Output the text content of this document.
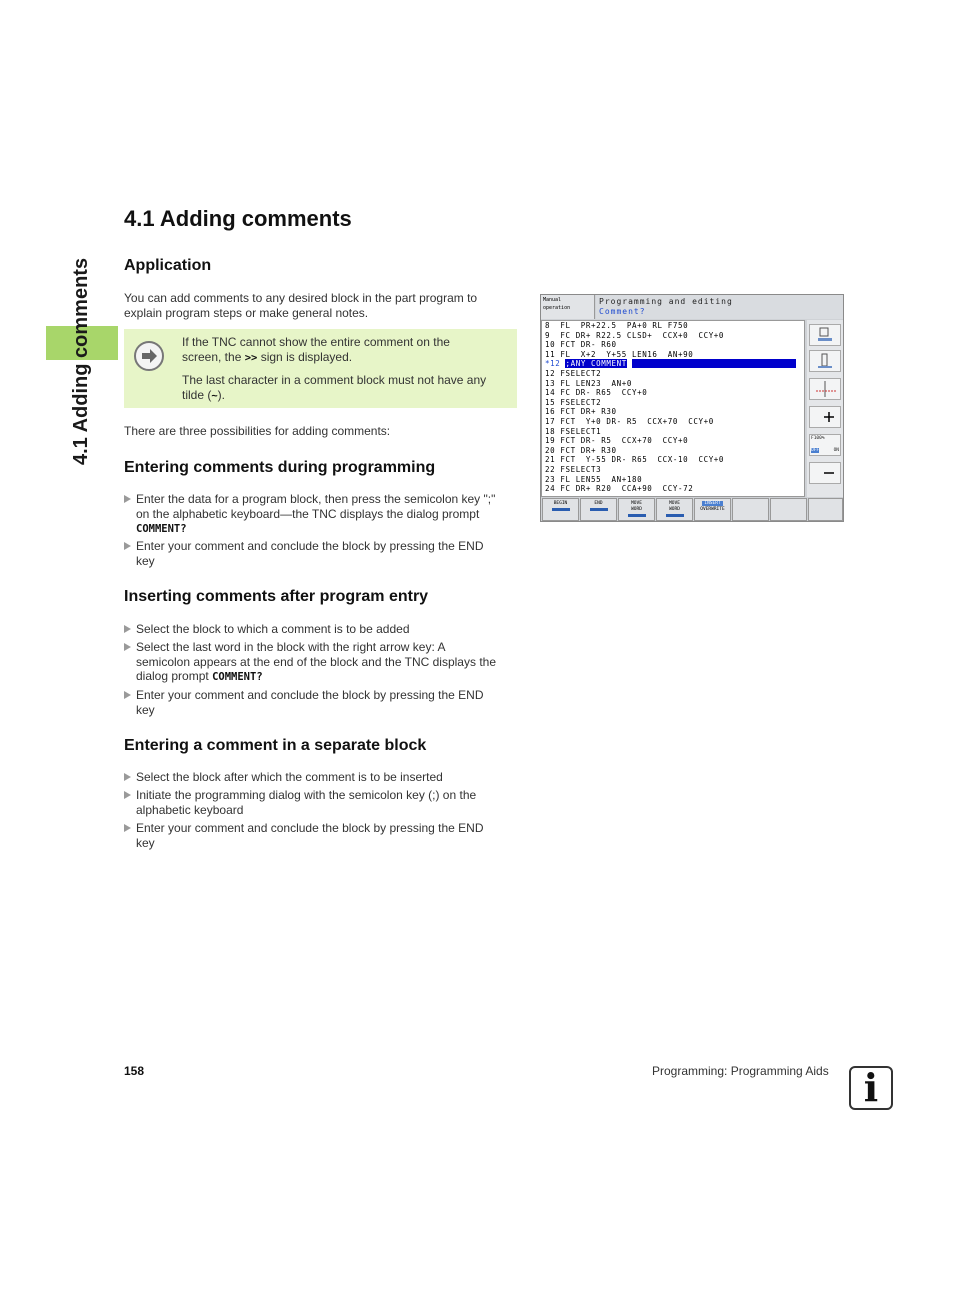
4.1 Adding comments
4.1 Adding comments
Application
You can add comments to any desired block in the part program to
explain program steps or make general notes.
If the TNC cannot show the entire comment on the
screen, the >> sign is displayed.
The last character in a comment block must not have any
tilde (~).
There are three possibilities for adding comments:
Entering comments during programming
Enter the data for a program block, then press the semicolon key ";"
on the alphabetic keyboard—the TNC displays the dialog prompt
COMMENT?
Enter your comment and conclude the block by pressing the END
key
Inserting comments after program entry
Select the block to which a comment is to be added
Select the last word in the block with the right arrow key: A
semicolon appears at the end of the block and the TNC displays the
dialog prompt COMMENT?
Enter your comment and conclude the block by pressing the END
key
Entering a comment in a separate block
Select the block after which the comment is to be inserted
Initiate the programming dialog with the semicolon key (;) on the
alphabetic keyboard
Enter your comment and conclude the block by pressing the END
key
Manual
operation
Programming and editing
Comment?
8  FL  PR+22.5  PA+0 RL F750
9  FC DR+ R22.5 CLSD+  CCX+0  CCY+0
10 FCT DR- R60
11 FL  X+2  Y+55 LEN16  AN+90
*12 ;ANY COMMENT
12 FSELECT2
13 FL LEN23  AN+0
14 FC DR- R65  CCY+0
15 FSELECT2
16 FCT DR+ R30
17 FCT  Y+0 DR- R5  CCX+70  CCY+0
18 FSELECT1
19 FCT DR- R5  CCX+70  CCY+0
20 FCT DR+ R30
21 FCT  Y-55 DR- R65  CCX-10  CCY+0
22 FSELECT3
23 FL LEN55  AN+180
24 FC DR+ R20  CCA+90  CCY-72
F100%

OFF	ON
BEGIN	END	MOVE
WORD
MOVE
WORD
INSERT
OVERWRITE
158	Programming: Programming Aids i
